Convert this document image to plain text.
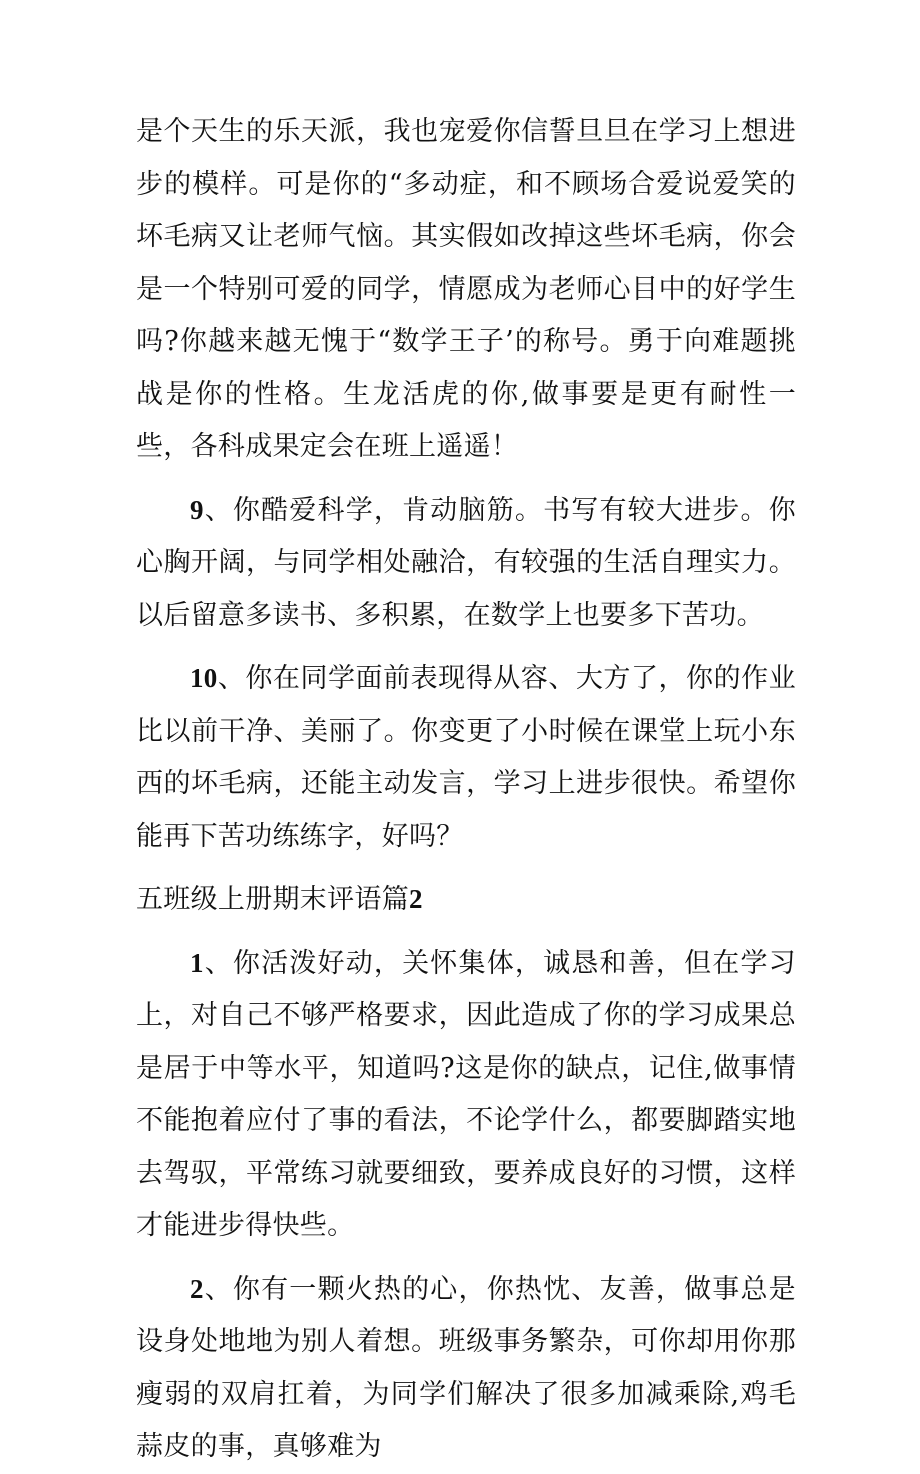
是个天生的乐天派，我也宠爱你信誓旦旦在学习上想进步的模样。可是你的“多动症，和不顾场合爱说爱笑的坏毛病又让老师气恼。其实假如改掉这些坏毛病，你会是一个特别可爱的同学，情愿成为老师心目中的好学生吗?你越来越无愧于“数学王子’的称号。勇于向难题挑战是你的性格。生龙活虎的你,做事要是更有耐性一些，各科成果定会在班上遥遥！

9、你酷爱科学，肯动脑筋。书写有较大进步。你心胸开阔，与同学相处融洽，有较强的生活自理实力。以后留意多读书、多积累，在数学上也要多下苦功。

10、你在同学面前表现得从容、大方了，你的作业比以前干净、美丽了。你变更了小时候在课堂上玩小东西的坏毛病，还能主动发言，学习上进步很快。希望你能再下苦功练练字，好吗？

五班级上册期末评语篇2

1、你活泼好动，关怀集体，诚恳和善，但在学习上，对自己不够严格要求，因此造成了你的学习成果总是居于中等水平，知道吗?这是你的缺点，记住,做事情不能抱着应付了事的看法，不论学什么，都要脚踏实地去驾驭，平常练习就要细致，要养成良好的习惯，这样才能进步得快些。

2、你有一颗火热的心，你热忱、友善，做事总是设身处地地为别人着想。班级事务繁杂，可你却用你那瘦弱的双肩扛着，为同学们解决了很多加减乘除,鸡毛蒜皮的事，真够难为
